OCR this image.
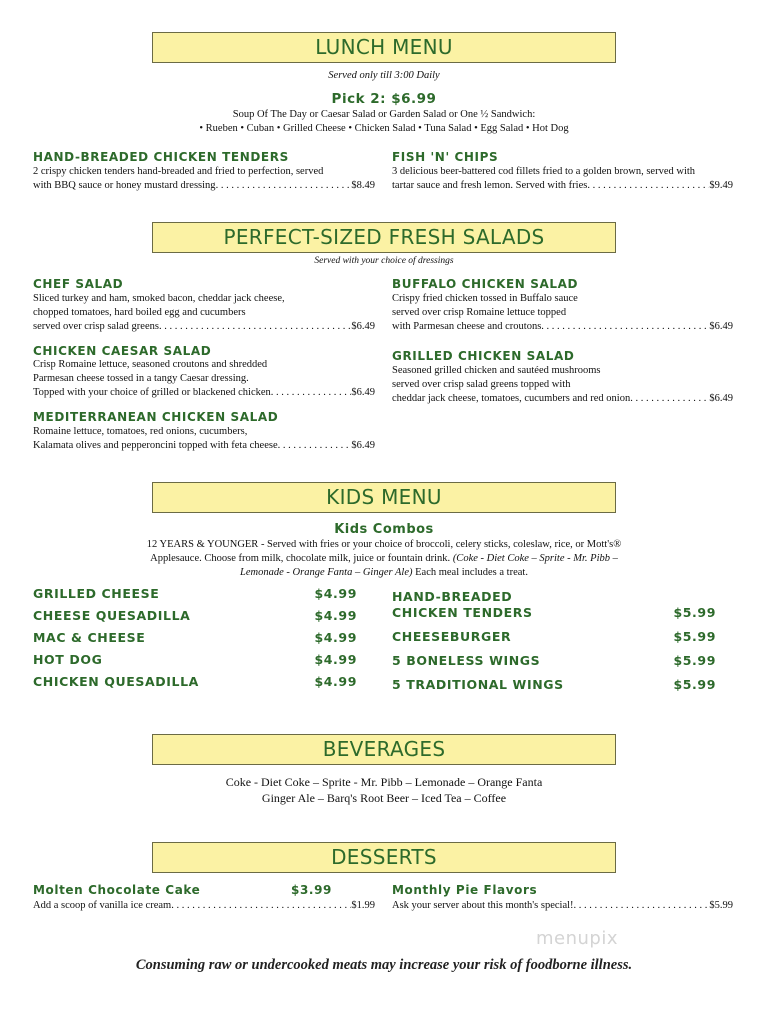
LUNCH MENU
Served only till 3:00 Daily
Pick 2: $6.99
Soup Of The Day or Caesar Salad or Garden Salad or One ½ Sandwich:
• Rueben • Cuban • Grilled Cheese • Chicken Salad • Tuna Salad • Egg Salad • Hot Dog
HAND-BREADED CHICKEN TENDERS
2 crispy chicken tenders hand-breaded and fried to perfection, served
with BBQ sauce or honey mustard dressing . . .	$8.49
FISH 'N' CHIPS
3 delicious beer-battered cod fillets fried to a golden brown, served with
tartar sauce and fresh lemon. Served with fries . . .	$9.49
PERFECT-SIZED FRESH SALADS
Served with your choice of dressings
CHEF SALAD
Sliced turkey and ham, smoked bacon, cheddar jack cheese,
chopped tomatoes, hard boiled egg and cucumbers
served over crisp salad greens . . .	$6.49
CHICKEN CAESAR SALAD
Crisp Romaine lettuce, seasoned croutons and shredded
Parmesan cheese tossed in a tangy Caesar dressing.
Topped with your choice of grilled or blackened chicken . . .	$6.49
MEDITERRANEAN CHICKEN SALAD
Romaine lettuce, tomatoes, red onions, cucumbers,
Kalamata olives and pepperoncini topped with feta cheese . . .	$6.49
BUFFALO CHICKEN SALAD
Crispy fried chicken tossed in Buffalo sauce
served over crisp Romaine lettuce topped
with Parmesan cheese and croutons . . .	$6.49
GRILLED CHICKEN SALAD
Seasoned grilled chicken and sautéed mushrooms
served over crisp salad greens topped with
cheddar jack cheese, tomatoes, cucumbers and red onion . . .	$6.49
KIDS MENU
Kids Combos
12 YEARS & YOUNGER - Served with fries or your choice of broccoli, celery sticks, coleslaw, rice, or Mott's®
Applesauce. Choose from milk, chocolate milk, juice or fountain drink. (Coke - Diet Coke – Sprite - Mr. Pibb –
Lemonade - Orange Fanta – Ginger Ale) Each meal includes a treat.
GRILLED CHEESE	$4.99
CHEESE QUESADILLA	$4.99
MAC & CHEESE	$4.99
HOT DOG	$4.99
CHICKEN QUESADILLA	$4.99
HAND-BREADED
CHICKEN TENDERS	$5.99
CHEESEBURGER	$5.99
5 BONELESS WINGS	$5.99
5 TRADITIONAL WINGS	$5.99
BEVERAGES
Coke - Diet Coke – Sprite - Mr. Pibb – Lemonade – Orange Fanta
Ginger Ale – Barq's Root Beer – Iced Tea – Coffee
DESSERTS
Molten Chocolate Cake	$3.99
Add a scoop of vanilla ice cream . . .	$1.99
Monthly Pie Flavors
Ask your server about this month's special! . . .	$5.99
menupix
Consuming raw or undercooked meats may increase your risk of foodborne illness.
